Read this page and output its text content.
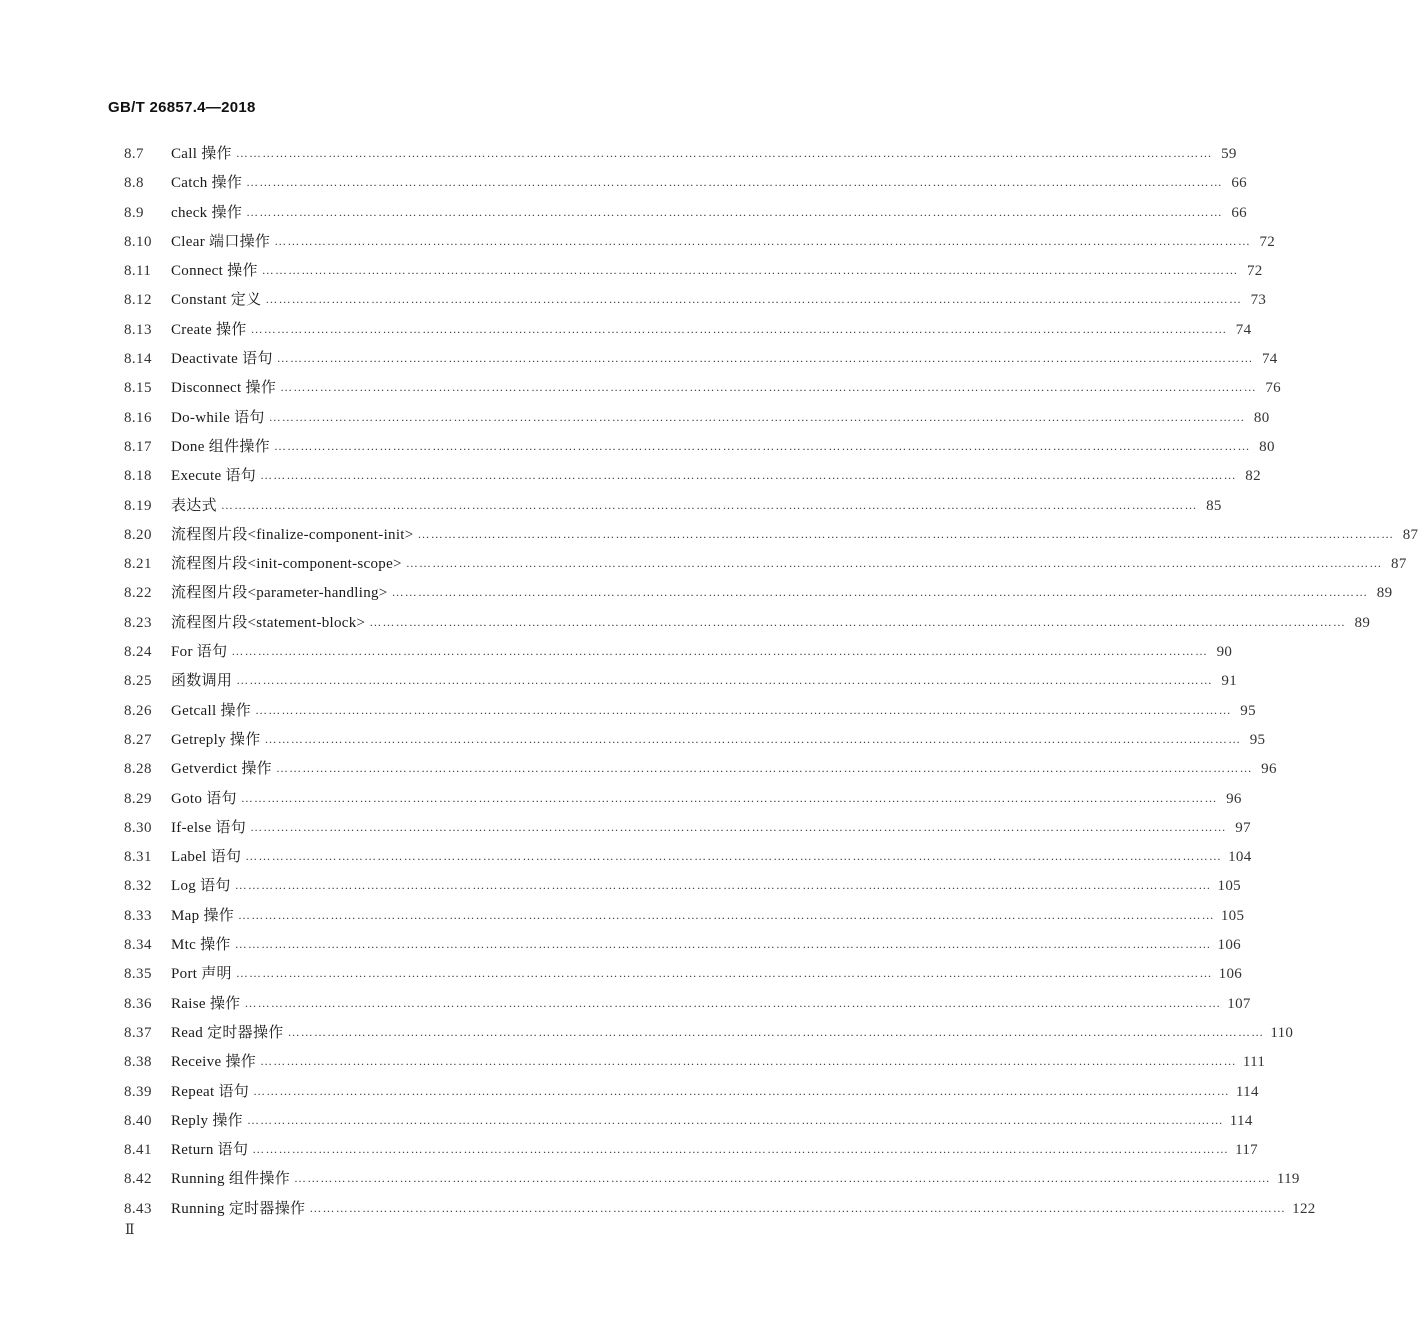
GB/T 26857.4—2018
8.7	Call 操作 …………………………………………………………………………………………………………………………………………………………………………………………………… 59
8.8	Catch 操作 …………………………………………………………………………………………………………………………………………………………………………………………………… 66
8.9	check 操作 …………………………………………………………………………………………………………………………………………………………………………………………………… 66
8.10	Clear 端口操作 …………………………………………………………………………………………………………………………………………………………………………………………………… 72
8.11	Connect 操作 …………………………………………………………………………………………………………………………………………………………………………………………………… 72
8.12	Constant 定义 …………………………………………………………………………………………………………………………………………………………………………………………………… 73
8.13	Create 操作 …………………………………………………………………………………………………………………………………………………………………………………………………… 74
8.14	Deactivate 语句 …………………………………………………………………………………………………………………………………………………………………………………………………… 74
8.15	Disconnect 操作 …………………………………………………………………………………………………………………………………………………………………………………………………… 76
8.16	Do-while 语句 …………………………………………………………………………………………………………………………………………………………………………………………………… 80
8.17	Done 组件操作 …………………………………………………………………………………………………………………………………………………………………………………………………… 80
8.18	Execute 语句 …………………………………………………………………………………………………………………………………………………………………………………………………… 82
8.19	表达式 …………………………………………………………………………………………………………………………………………………………………………………………………… 85
8.20	流程图片段<finalize-component-init> …………………………………………………………………………………………………………………………………………………………………………………………………… 87
8.21	流程图片段<init-component-scope> …………………………………………………………………………………………………………………………………………………………………………………………………… 87
8.22	流程图片段<parameter-handling> …………………………………………………………………………………………………………………………………………………………………………………………………… 89
8.23	流程图片段<statement-block> …………………………………………………………………………………………………………………………………………………………………………………………………… 89
8.24	For 语句 …………………………………………………………………………………………………………………………………………………………………………………………………… 90
8.25	函数调用 …………………………………………………………………………………………………………………………………………………………………………………………………… 91
8.26	Getcall 操作 …………………………………………………………………………………………………………………………………………………………………………………………………… 95
8.27	Getreply 操作 …………………………………………………………………………………………………………………………………………………………………………………………………… 95
8.28	Getverdict 操作 …………………………………………………………………………………………………………………………………………………………………………………………………… 96
8.29	Goto 语句 …………………………………………………………………………………………………………………………………………………………………………………………………… 96
8.30	If-else 语句 …………………………………………………………………………………………………………………………………………………………………………………………………… 97
8.31	Label 语句 …………………………………………………………………………………………………………………………………………………………………………………………………… 104
8.32	Log 语句 …………………………………………………………………………………………………………………………………………………………………………………………………… 105
8.33	Map 操作 …………………………………………………………………………………………………………………………………………………………………………………………………… 105
8.34	Mtc 操作 …………………………………………………………………………………………………………………………………………………………………………………………………… 106
8.35	Port 声明 …………………………………………………………………………………………………………………………………………………………………………………………………… 106
8.36	Raise 操作 …………………………………………………………………………………………………………………………………………………………………………………………………… 107
8.37	Read 定时器操作 …………………………………………………………………………………………………………………………………………………………………………………………………… 110
8.38	Receive 操作 …………………………………………………………………………………………………………………………………………………………………………………………………… 111
8.39	Repeat 语句 …………………………………………………………………………………………………………………………………………………………………………………………………… 114
8.40	Reply 操作 …………………………………………………………………………………………………………………………………………………………………………………………………… 114
8.41	Return 语句 …………………………………………………………………………………………………………………………………………………………………………………………………… 117
8.42	Running 组件操作 …………………………………………………………………………………………………………………………………………………………………………………………………… 119
8.43	Running 定时器操作 …………………………………………………………………………………………………………………………………………………………………………………………………… 122
Ⅱ
